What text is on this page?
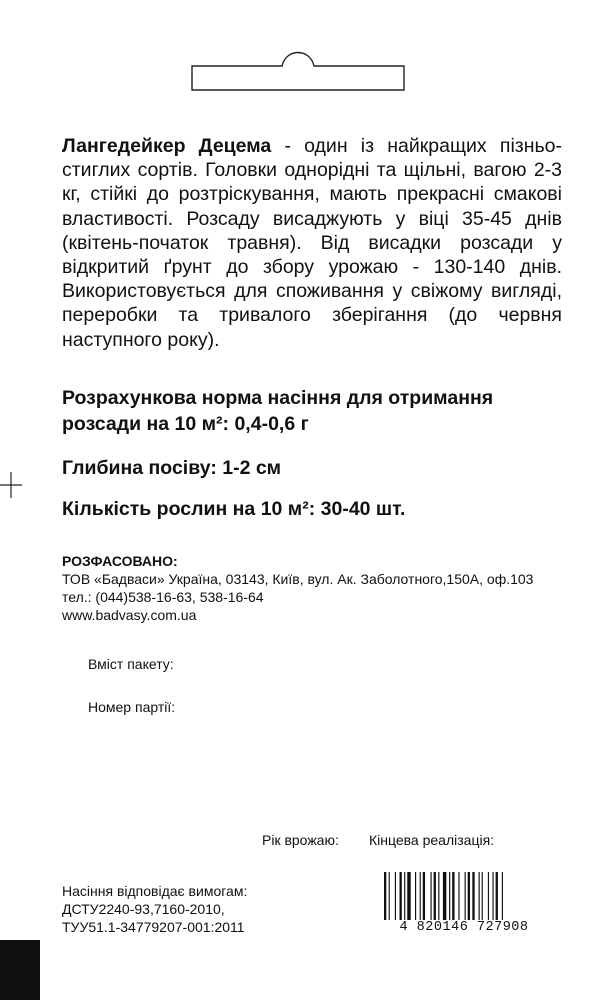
Лангедейкер Децема - один із найкращих пізньостиглих сортів. Головки однорідні та щільні, вагою 2-3 кг, стійкі до розтріскування, мають прекрасні смакові властивості. Розсаду висаджують у віці 35-45 днів (квітень-початок травня). Від висадки розсади у відкритий ґрунт до збору урожаю - 130-140 днів. Використовується для споживання у свіжому вигляді, переробки та тривалого зберігання (до червня наступного року).

Розрахункова норма насіння для отримання розсади на 10 м²: 0,4-0,6 г

Глибина посіву: 1-2 см

Кількість рослин на 10 м²: 30-40 шт.

РОЗФАСОВАНО:
ТОВ «Бадваси» Україна, 03143, Київ, вул. Ак. Заболотного,150А, оф.103
тел.: (044)538-16-63, 538-16-64
www.badvasy.com.ua
Вміст пакету:
Номер партії:
Рік врожаю: Кінцева реалізація:
Насіння відповідає вимогам:
ДСТУ2240-93,7160-2010,
ТУУ51.1-34779207-001:2011	4 820146 727908
